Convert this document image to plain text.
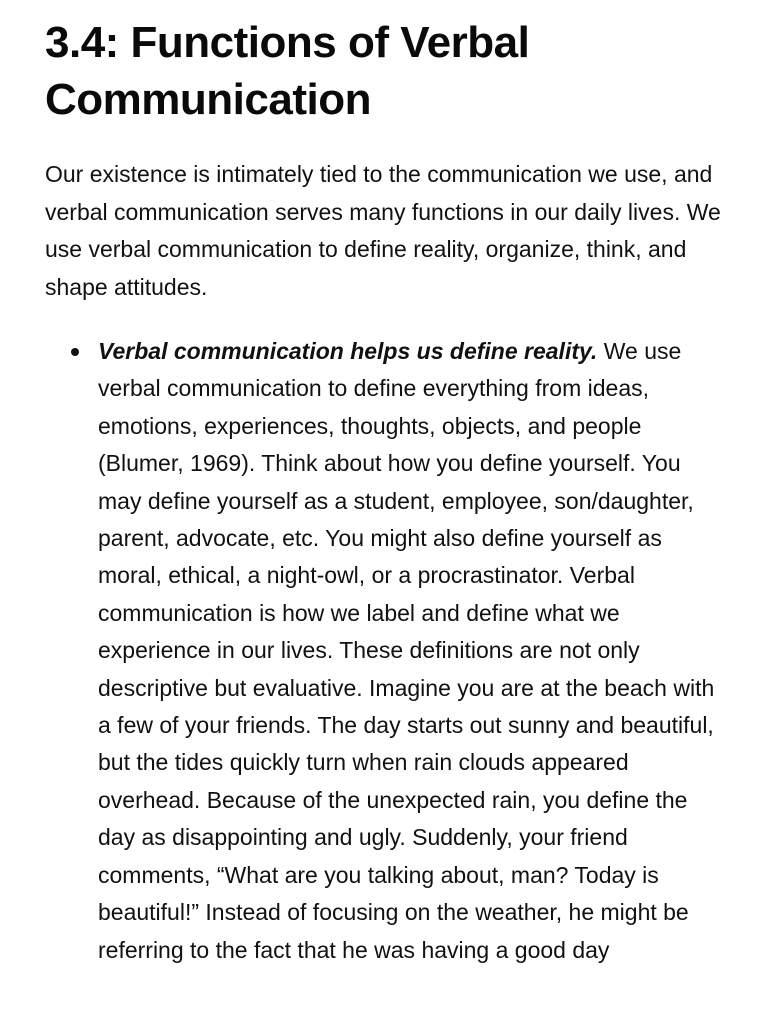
3.4: Functions of Verbal Communication

Our existence is intimately tied to the communication we use, and verbal communication serves many functions in our daily lives. We use verbal communication to define reality, organize, think, and shape attitudes.

Verbal communication helps us define reality. We use verbal communication to define everything from ideas, emotions, experiences, thoughts, objects, and people (Blumer, 1969). Think about how you define yourself. You may define yourself as a student, employee, son/daughter, parent, advocate, etc. You might also define yourself as moral, ethical, a night-owl, or a procrastinator. Verbal communication is how we label and define what we experience in our lives. These definitions are not only descriptive but evaluative. Imagine you are at the beach with a few of your friends. The day starts out sunny and beautiful, but the tides quickly turn when rain clouds appeared overhead. Because of the unexpected rain, you define the day as disappointing and ugly. Suddenly, your friend comments, “What are you talking about, man? Today is beautiful!” Instead of focusing on the weather, he might be referring to the fact that he was having a good day
